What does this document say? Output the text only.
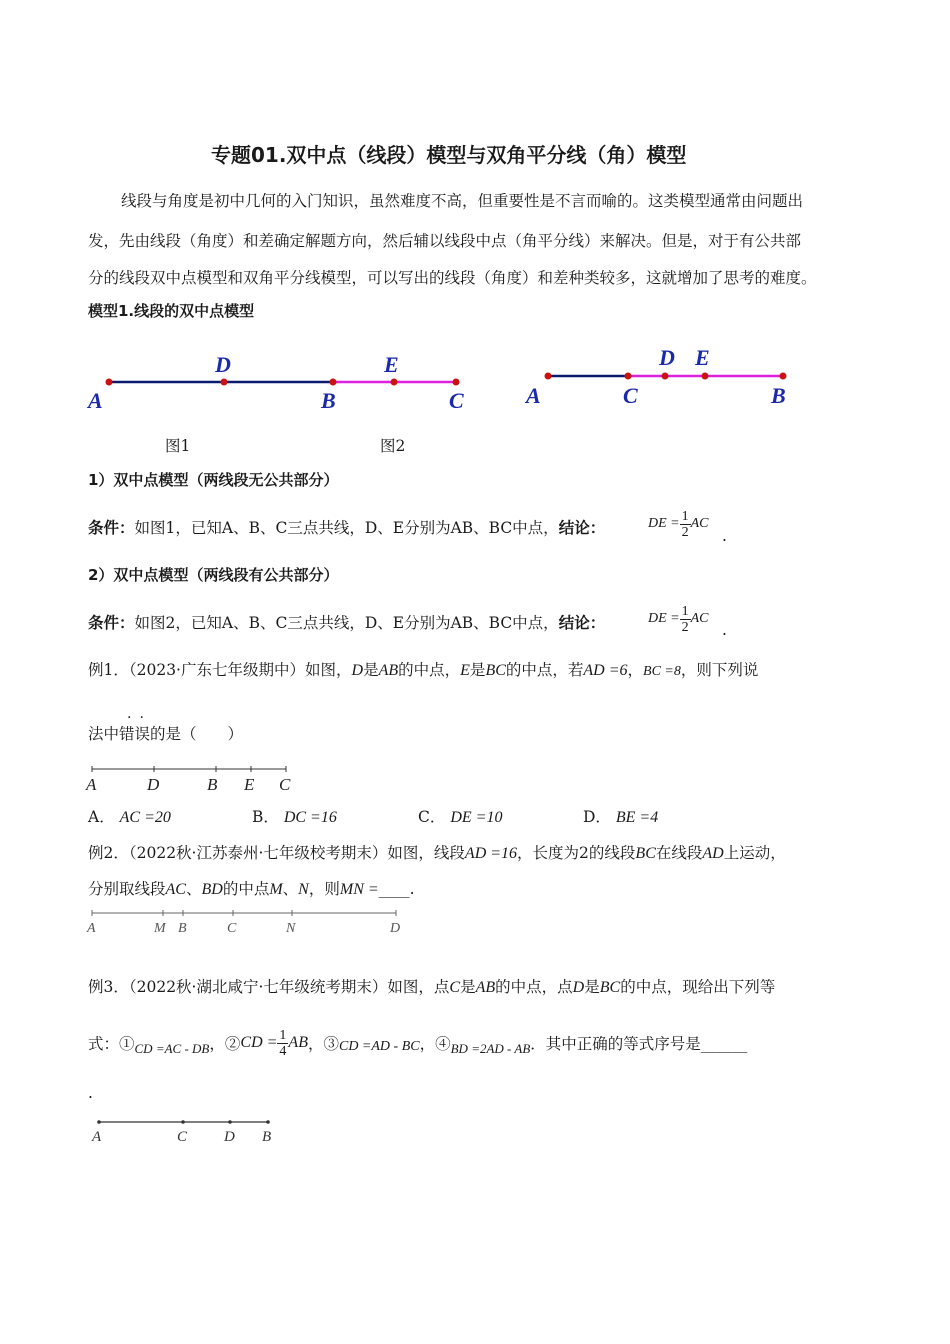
专题01.双中点（线段）模型与双角平分线（角）模型
线段与角度是初中几何的入门知识，虽然难度不高，但重要性是不言而喻的。这类模型通常由问题出
发，先由线段（角度）和差确定解题方向，然后辅以线段中点（角平分线）来解决。但是，对于有公共部
分的线段双中点模型和双角平分线模型，可以写出的线段（角度）和差种类较多，这就增加了思考的难度。
模型1.线段的双中点模型
A
D
B
E
C	A	C
D E
B
图1	图2
1）双中点模型（两线段无公共部分）
条件：如图1，已知A、B、C三点共线，D、E分别为AB、BC中点，结论：	DE = $\frac{1}{2}$ AC
.
2）双中点模型（两线段有公共部分）
条件：如图2，已知A、B、C三点共线，D、E分别为AB、BC中点，结论：	DE = $\frac{1}{2}$ AC
.
例1．（2023·广东七年级期中）如图，D是AB的中点，E是BC的中点，若AD =6，BC =8，则下列说
..
法中错误的是（　　）
A	D	B E C
A． AC =20	B． DC =16	C． DE =10	D． BE =4
例2．（2022秋·江苏泰州·七年级校考期末）如图，线段AD =16，长度为2的线段BC在线段AD上运动，
分别取线段AC、BD的中点M、N，则MN =____.
A	M B	C	N	D
例3．（2022秋·湖北咸宁·七年级统考期末）如图，点C是AB的中点，点D是BC的中点，现给出下列等
式：① CD =AC - DB ，② CD = $\frac{1}{4}$ AB ，③ CD =AD - BC ，④ BD =2AD - AB ．其中正确的等式序号是______
.
A	C D B
